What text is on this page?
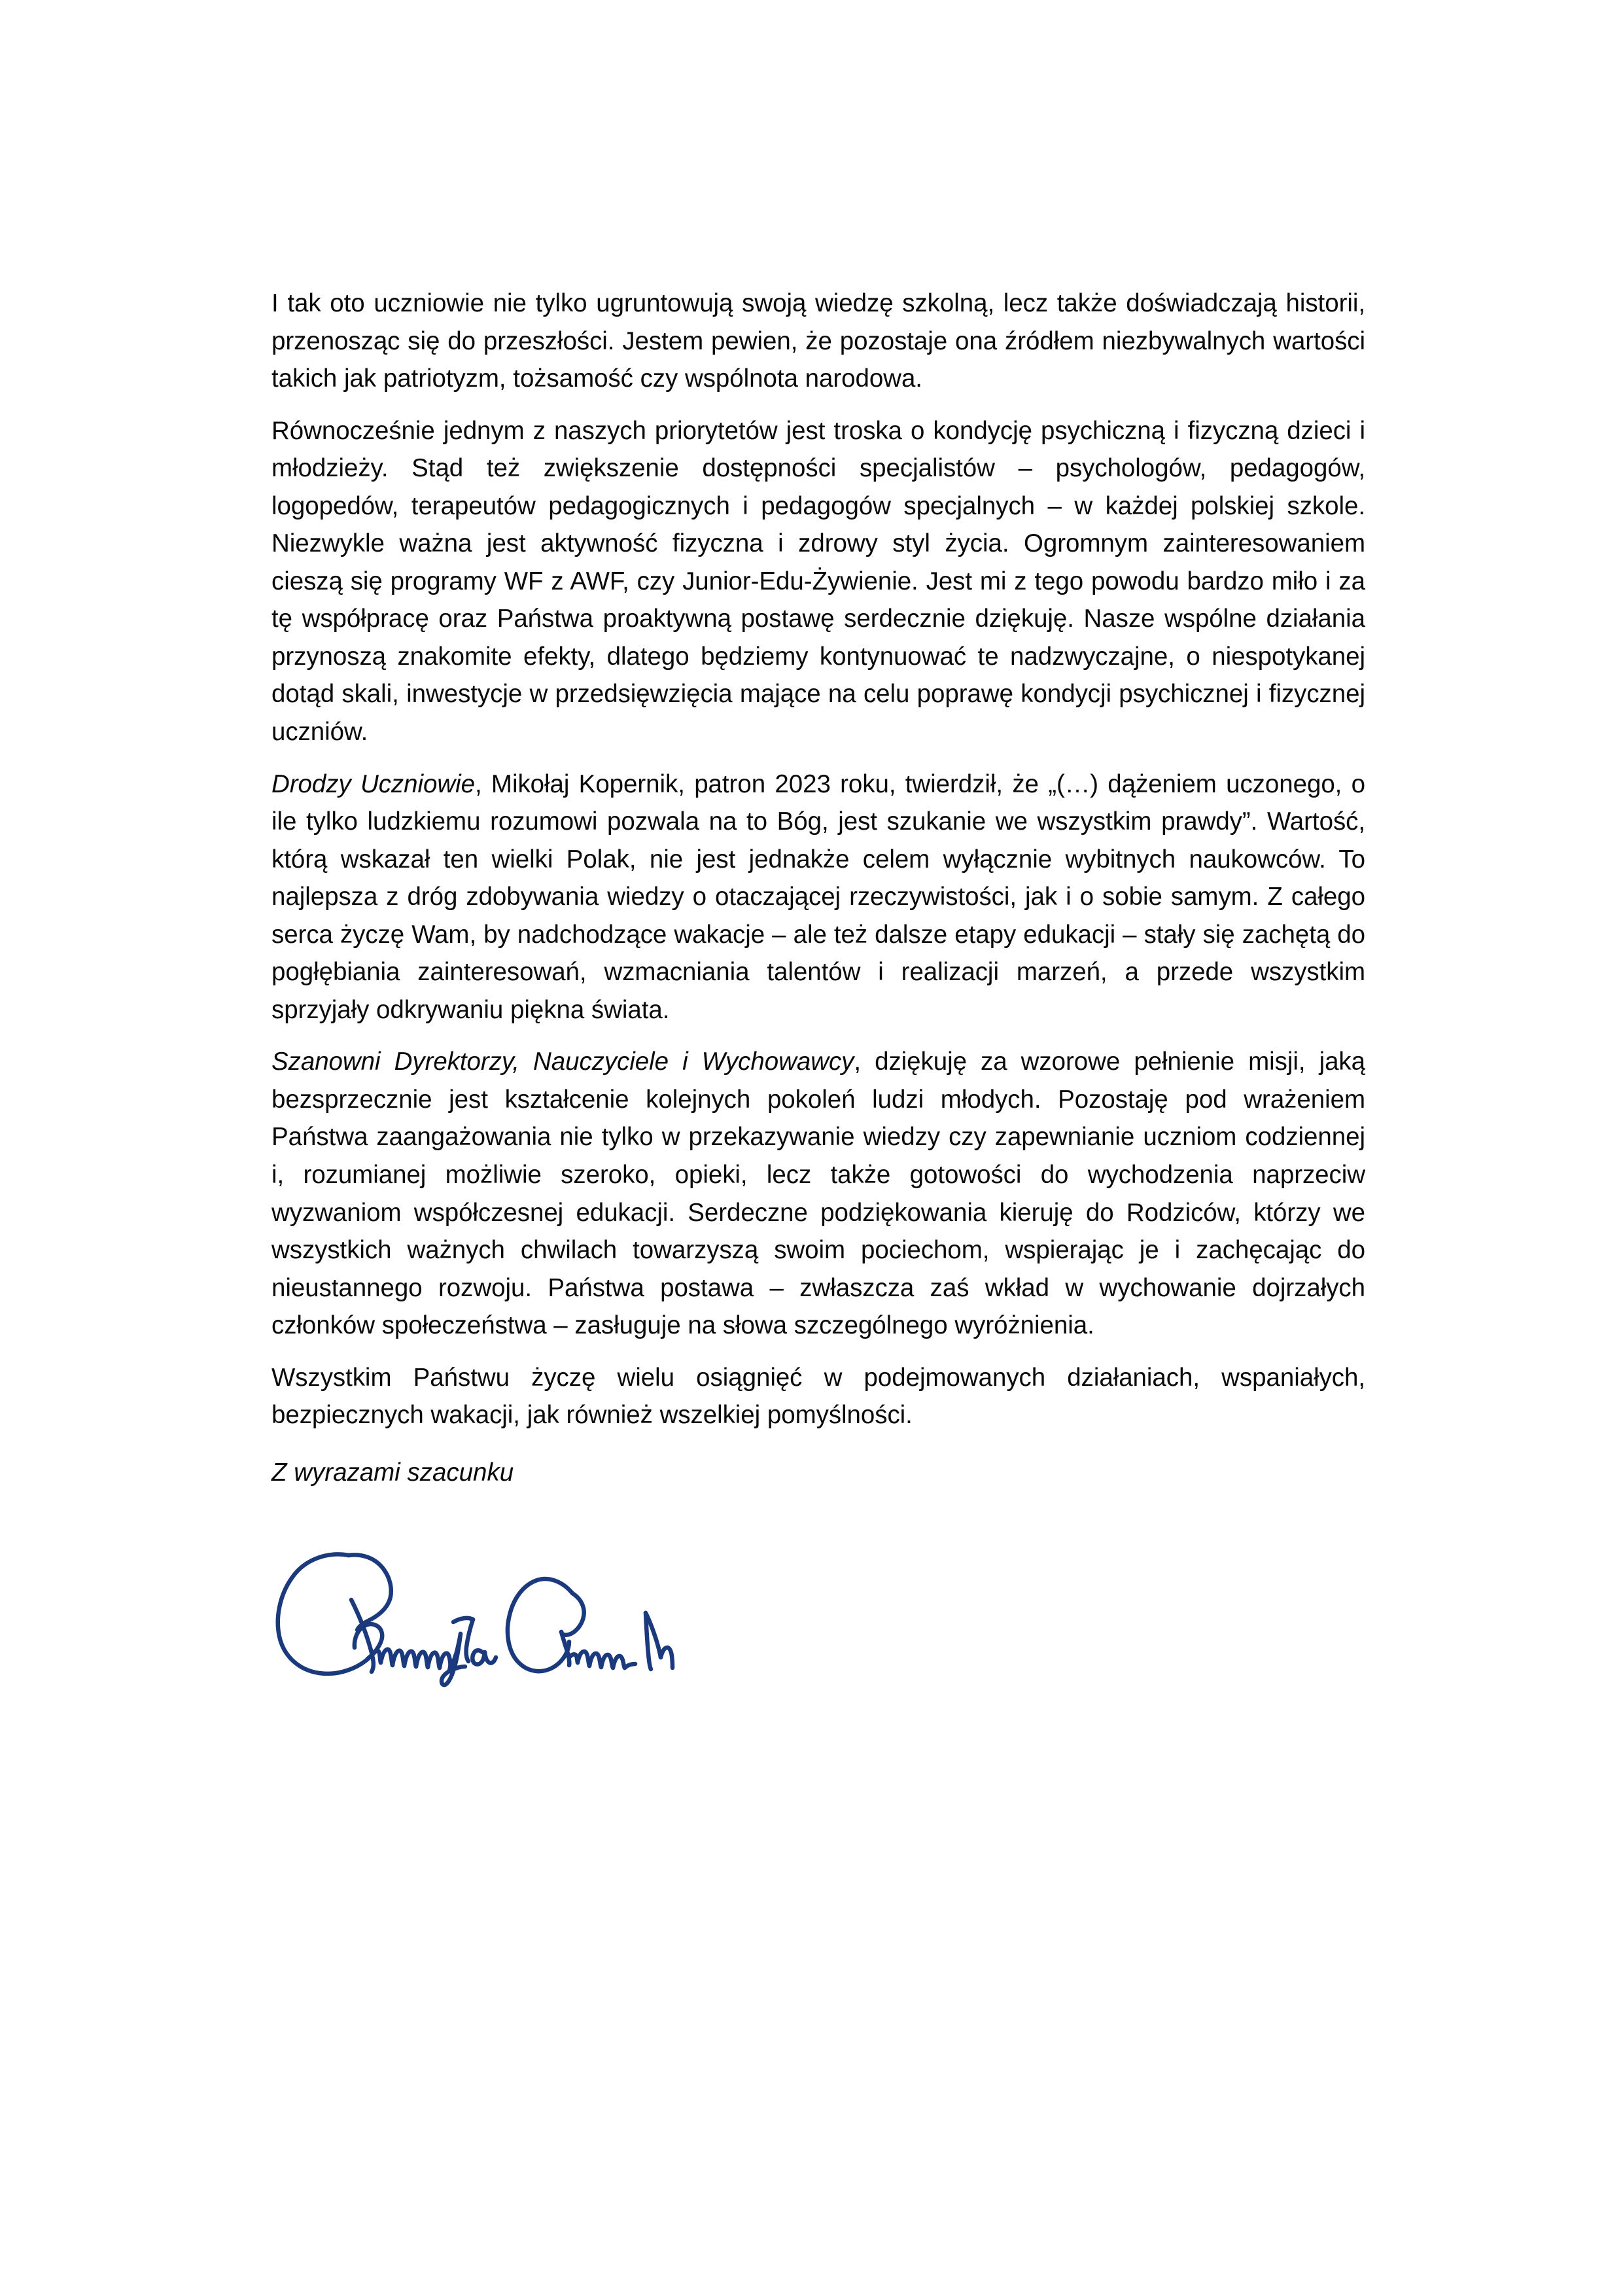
I tak oto uczniowie nie tylko ugruntowują swoją wiedzę szkolną, lecz także doświadczają historii, przenosząc się do przeszłości. Jestem pewien, że pozostaje ona źródłem niezbywalnych wartości takich jak patriotyzm, tożsamość czy wspólnota narodowa.

Równocześnie jednym z naszych priorytetów jest troska o kondycję psychiczną i fizyczną dzieci i młodzieży. Stąd też zwiększenie dostępności specjalistów – psychologów, pedagogów, logopedów, terapeutów pedagogicznych i pedagogów specjalnych – w każdej polskiej szkole. Niezwykle ważna jest aktywność fizyczna i zdrowy styl życia. Ogromnym zainteresowaniem cieszą się programy WF z AWF, czy Junior-Edu-Żywienie. Jest mi z tego powodu bardzo miło i za tę współpracę oraz Państwa proaktywną postawę serdecznie dziękuję. Nasze wspólne działania przynoszą znakomite efekty, dlatego będziemy kontynuować te nadzwyczajne, o niespotykanej dotąd skali, inwestycje w przedsięwzięcia mające na celu poprawę kondycji psychicznej i fizycznej uczniów.

Drodzy Uczniowie, Mikołaj Kopernik, patron 2023 roku, twierdził, że „(…) dążeniem uczonego, o ile tylko ludzkiemu rozumowi pozwala na to Bóg, jest szukanie we wszystkim prawdy”. Wartość, którą wskazał ten wielki Polak, nie jest jednakże celem wyłącznie wybitnych naukowców. To najlepsza z dróg zdobywania wiedzy o otaczającej rzeczywistości, jak i o sobie samym. Z całego serca życzę Wam, by nadchodzące wakacje – ale też dalsze etapy edukacji – stały się zachętą do pogłębiania zainteresowań, wzmacniania talentów i realizacji marzeń, a przede wszystkim sprzyjały odkrywaniu piękna świata.

Szanowni Dyrektorzy, Nauczyciele i Wychowawcy, dziękuję za wzorowe pełnienie misji, jaką bezsprzecznie jest kształcenie kolejnych pokoleń ludzi młodych. Pozostaję pod wrażeniem Państwa zaangażowania nie tylko w przekazywanie wiedzy czy zapewnianie uczniom codziennej i, rozumianej możliwie szeroko, opieki, lecz także gotowości do wychodzenia naprzeciw wyzwaniom współczesnej edukacji. Serdeczne podziękowania kieruję do Rodziców, którzy we wszystkich ważnych chwilach towarzyszą swoim pociechom, wspierając je i zachęcając do nieustannego rozwoju. Państwa postawa – zwłaszcza zaś wkład w wychowanie dojrzałych członków społeczeństwa – zasługuje na słowa szczególnego wyróżnienia.

Wszystkim Państwu życzę wielu osiągnięć w podejmowanych działaniach, wspaniałych, bezpiecznych wakacji, jak również wszelkiej pomyślności.

Z wyrazami szacunku
